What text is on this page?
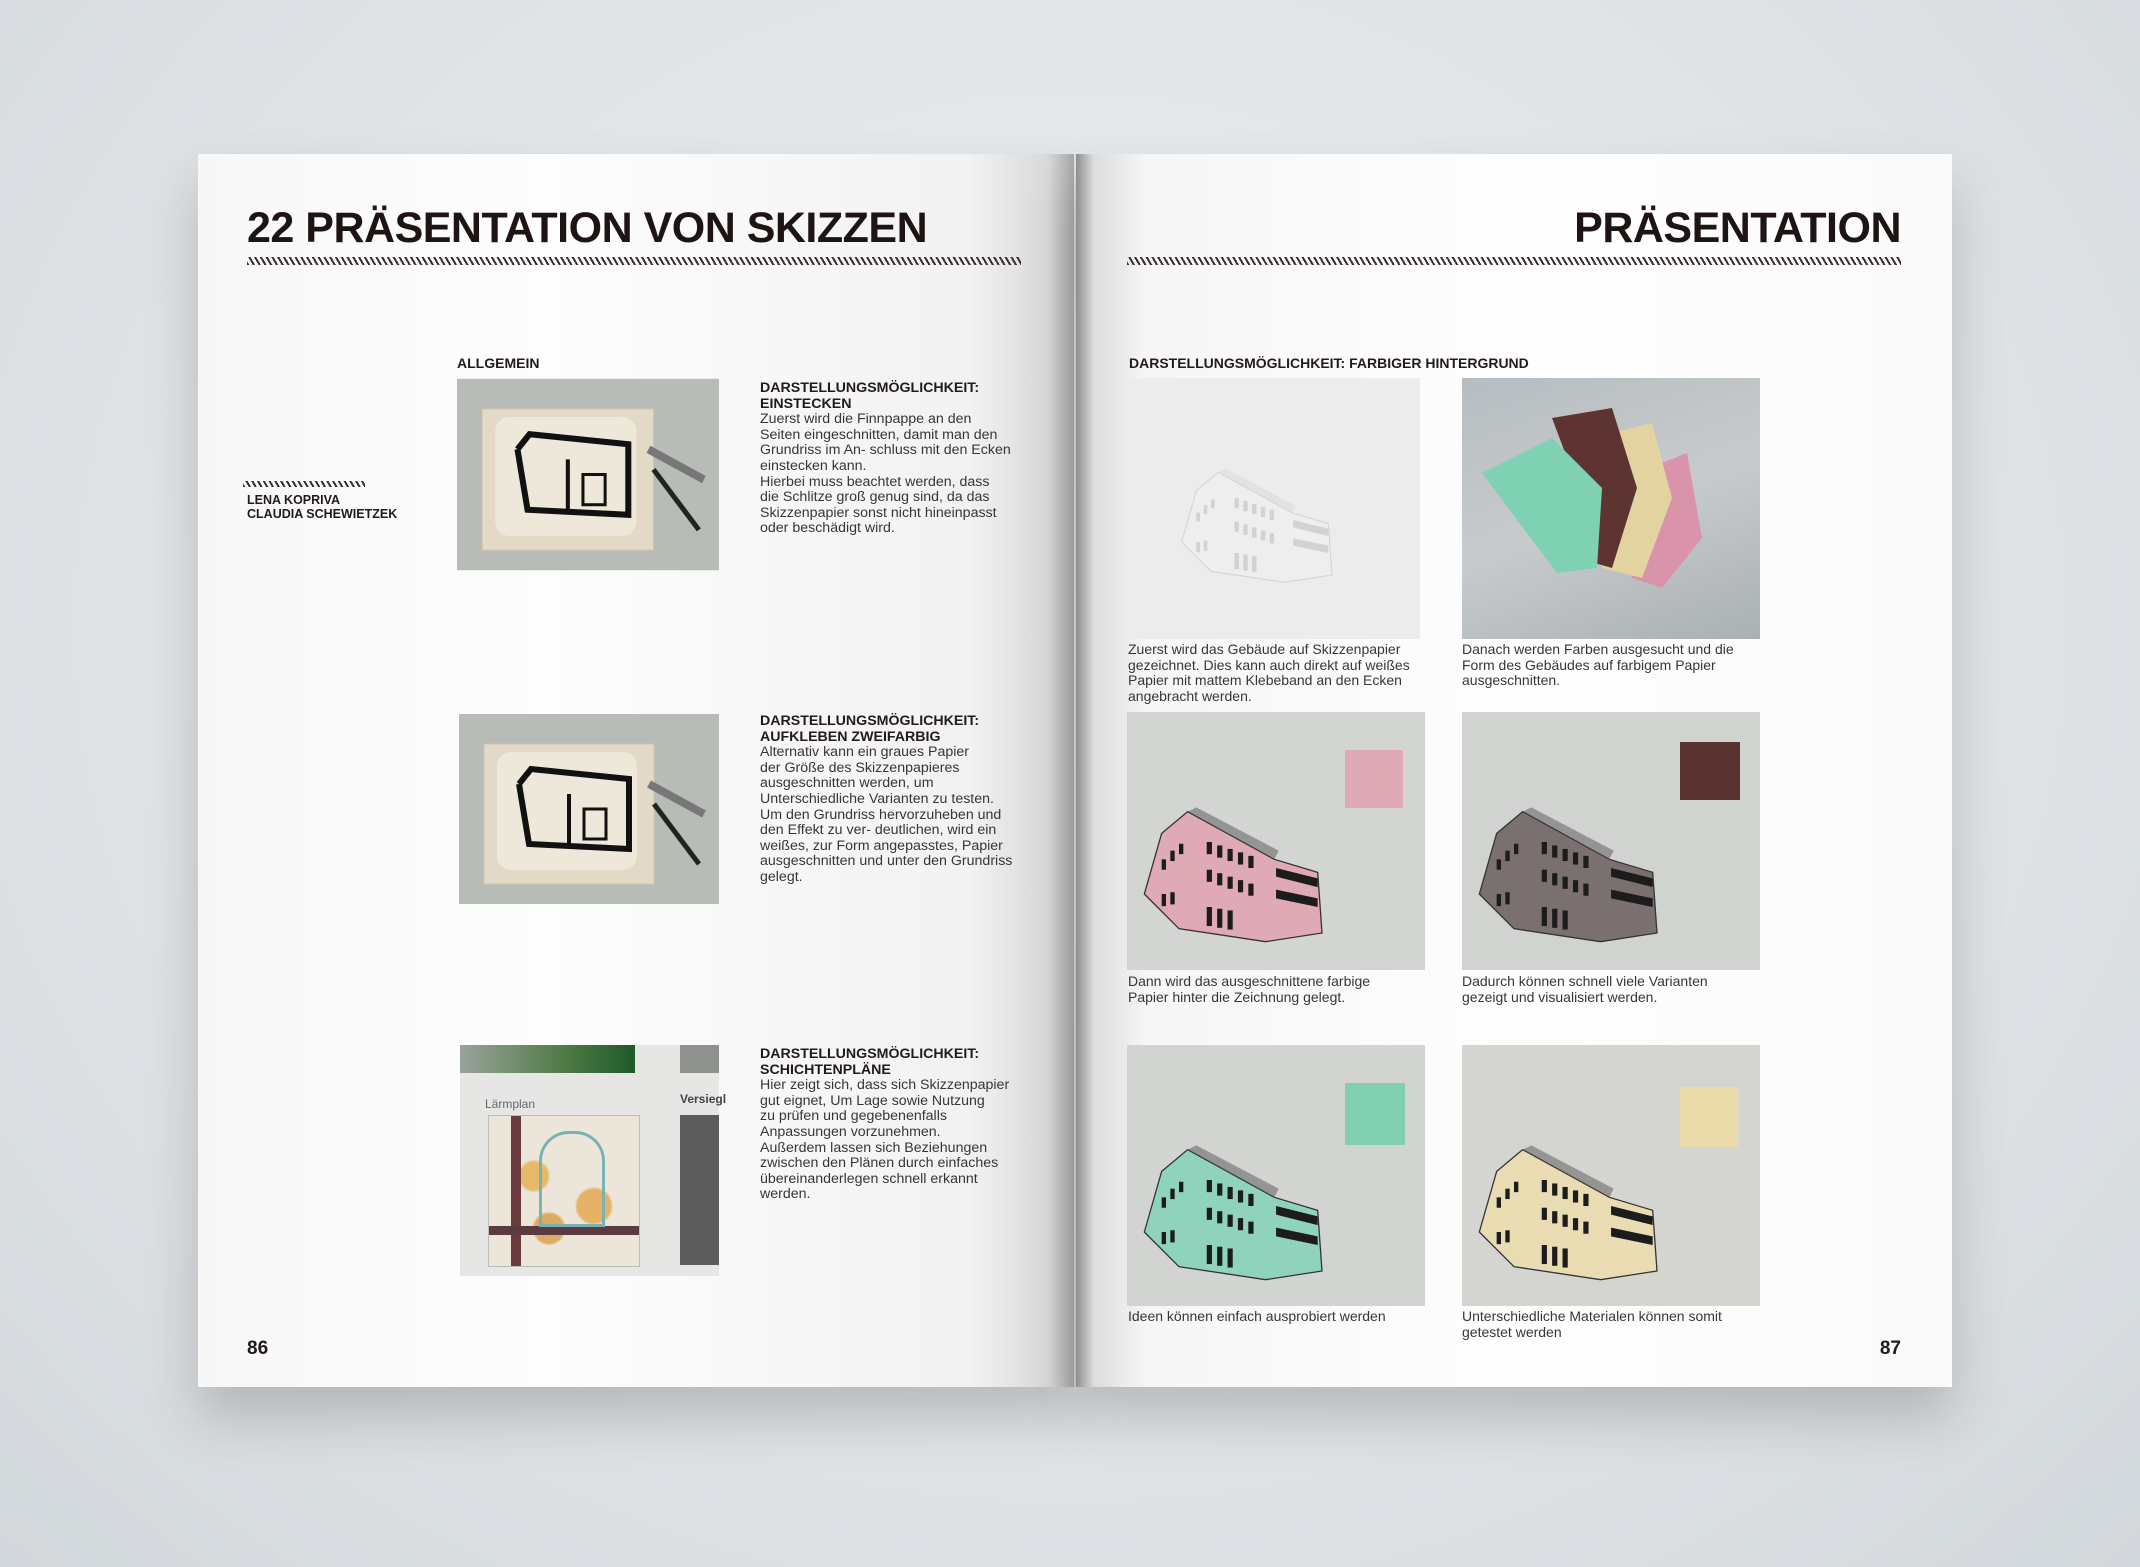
22 PRÄSENTATION VON SKIZZEN
LENA KOPRIVA
CLAUDIA SCHEWIETZEK
ALLGEMEIN
DARSTELLUNGSMÖGLICHKEIT:
EINSTECKEN
Zuerst wird die Finnpappe an den
Seiten eingeschnitten, damit man den
Grundriss im An- schluss mit den Ecken
einstecken kann.
Hierbei muss beachtet werden, dass
die Schlitze groß genug sind, da das
Skizzenpapier sonst nicht hineinpasst
oder beschädigt wird.
DARSTELLUNGSMÖGLICHKEIT:
AUFKLEBEN ZWEIFARBIG
Alternativ kann ein graues Papier
der Größe des Skizzenpapieres
ausgeschnitten werden, um
Unterschiedliche Varianten zu testen.
Um den Grundriss hervorzuheben und
den Effekt zu ver- deutlichen, wird ein
weißes, zur Form angepasstes, Papier
ausgeschnitten und unter den Grundriss
gelegt.
Lärmplan	Versiegl
DARSTELLUNGSMÖGLICHKEIT:
SCHICHTENPLÄNE
Hier zeigt sich, dass sich Skizzenpapier
gut eignet, Um Lage sowie Nutzung
zu prüfen und gegebenenfalls
Anpassungen vorzunehmen.
Außerdem lassen sich Beziehungen
zwischen den Plänen durch einfaches
übereinanderlegen schnell erkannt
werden.
86
PRÄSENTATION
DARSTELLUNGSMÖGLICHKEIT: FARBIGER HINTERGRUND
Zuerst wird das Gebäude auf Skizzenpapier
gezeichnet. Dies kann auch direkt auf weißes
Papier mit mattem Klebeband an den Ecken
angebracht werden.
Danach werden Farben ausgesucht und die
Form des Gebäudes auf farbigem Papier
ausgeschnitten.
Dann wird das ausgeschnittene farbige
Papier hinter die Zeichnung gelegt.
Dadurch können schnell viele Varianten
gezeigt und visualisiert werden.
Ideen können einfach ausprobiert werden	Unterschiedliche Materialen können somit
getestet werden
87
